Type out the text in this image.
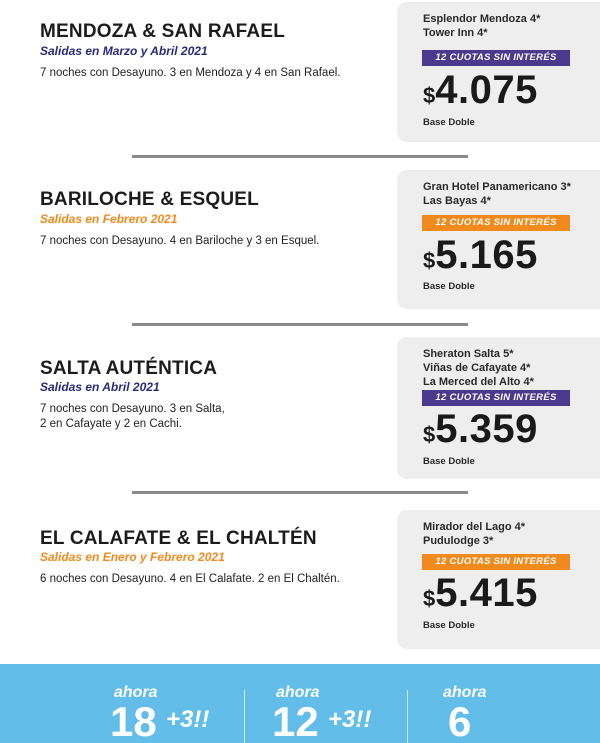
MENDOZA & SAN RAFAEL
Salidas en Marzo y Abril 2021
7 noches con Desayuno. 3 en Mendoza y 4 en San Rafael.
Esplendor Mendoza 4*
Tower Inn 4*
12 CUOTAS SIN INTERÉS
$4.075
Base Doble
BARILOCHE & ESQUEL
Salidas en Febrero 2021
7 noches con Desayuno. 4 en Bariloche y 3 en Esquel.
Gran Hotel Panamericano 3*
Las Bayas 4*
12 CUOTAS SIN INTERÉS
$5.165
Base Doble
SALTA AUTÉNTICA
Salidas en Abril 2021
7 noches con Desayuno. 3 en Salta,
2 en Cafayate y 2 en Cachi.
Sheraton Salta 5*
Viñas de Cafayate 4*
La Merced del Alto 4*
12 CUOTAS SIN INTERÉS
$5.359
Base Doble
EL CALAFATE & EL CHALTÉN
Salidas en Enero y Febrero 2021
6 noches con Desayuno. 4 en El Calafate. 2 en El Chaltén.
Mirador del Lago 4*
Pudulodge 3*
12 CUOTAS SIN INTERÉS
$5.415
Base Doble
ahora
18 +3!!
ahora
12 +3!!
ahora
6
